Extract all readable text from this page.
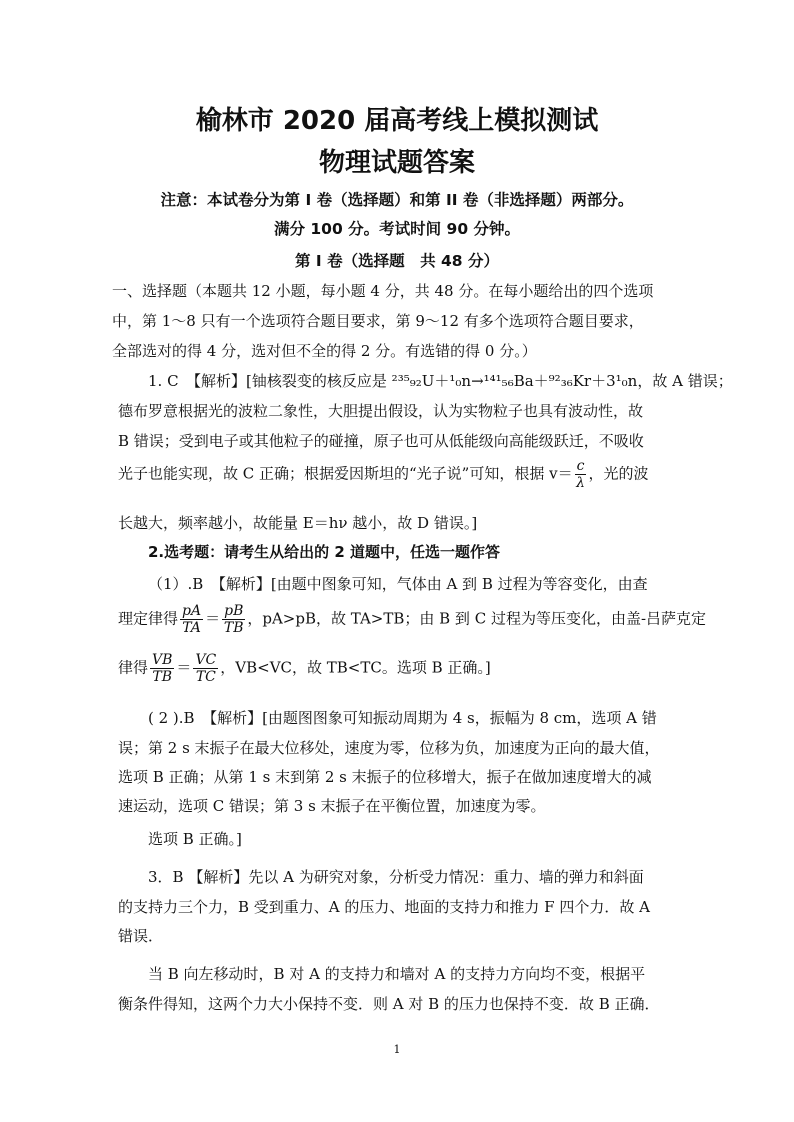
榆林市 2020 届高考线上模拟测试
物理试题答案
注意：本试卷分为第 I 卷（选择题）和第 II 卷（非选择题）两部分。
满分 100 分。考试时间 90 分钟。
第 I 卷（选择题　共 48 分）
一、选择题（本题共 12 小题，每小题 4 分，共 48 分。在每小题给出的四个选项
中，第 1～8 只有一个选项符合题目要求，第 9～12 有多个选项符合题目要求，
全部选对的得 4 分，选对但不全的得 2 分。有选错的得 0 分。）
1. C　【解析】[铀核裂变的核反应是 ²³⁵₉₂U＋¹₀n→¹⁴¹₅₆Ba＋⁹²₃₆Kr＋3¹₀n，故 A 错误；
德布罗意根据光的波粒二象性，大胆提出假设，认为实物粒子也具有波动性，故
B 错误；受到电子或其他粒子的碰撞，原子也可从低能级向高能级跃迁，不吸收
光子也能实现，故 C 正确；根据爱因斯坦的“光子说”可知，根据 $v= \frac{c}{\lambda}$ ，光的波
长越大，频率越小，故能量 E＝hν 越小，故 D 错误。]
2.选考题：请考生从给出的 2 道题中，任选一题作答
（1）.B　【解析】[由题中图象可知，气体由 A 到 B 过程为等容变化，由查
理定律得 $\frac{pA}{TA} = \frac{pB}{TB}$ ，pA>pB，故 TA>TB；由 B 到 C 过程为等压变化，由盖-吕萨克定
律得 $\frac{VB}{TB} = \frac{VC}{TC}$ ，VB<VC，故 TB<TC。选项 B 正确。]
( 2 ).B　【解析】[由题图图象可知振动周期为 4 s，振幅为 8 cm，选项 A 错
误；第 2 s 末振子在最大位移处，速度为零，位移为负，加速度为正向的最大值，
选项 B 正确；从第 1 s 末到第 2 s 末振子的位移增大，振子在做加速度增大的减
速运动，选项 C 错误；第 3 s 末振子在平衡位置，加速度为零。
选项 B 正确。]
3．B 【解析】先以 A 为研究对象，分析受力情况：重力、墙的弹力和斜面
的支持力三个力，B 受到重力、A 的压力、地面的支持力和推力 F 四个力．故 A
错误．
当 B 向左移动时，B 对 A 的支持力和墙对 A 的支持力方向均不变，根据平
衡条件得知，这两个力大小保持不变．则 A 对 B 的压力也保持不变．故 B 正确．
1
